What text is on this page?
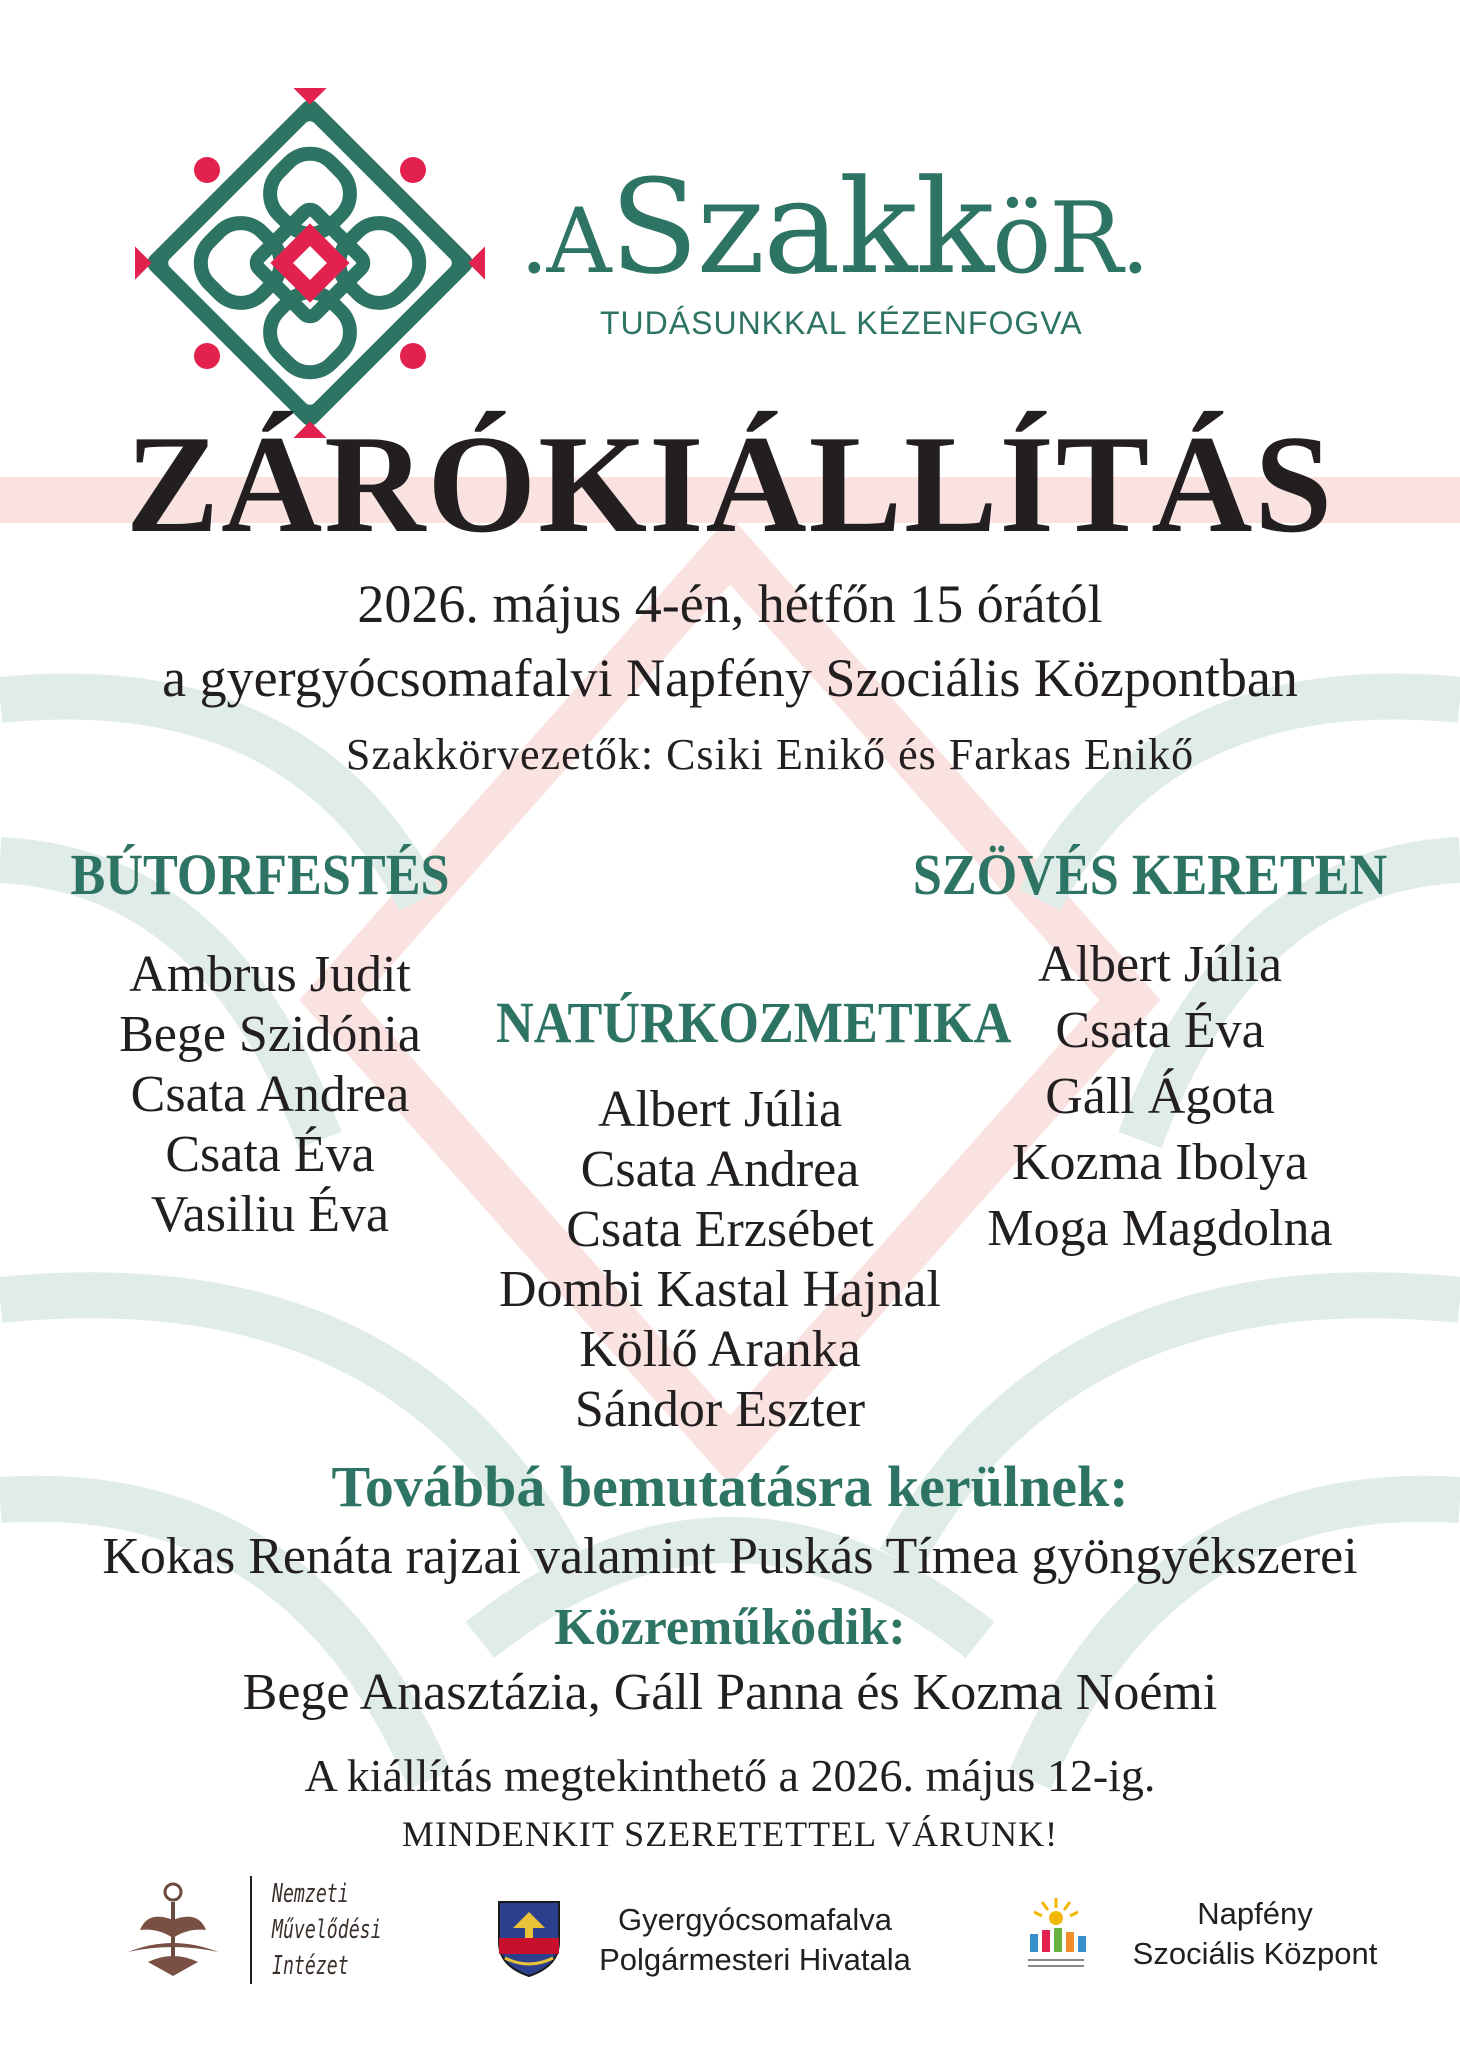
.ASzakköR.
TUDÁSUNKKAL KÉZENFOGVA
ZÁRÓKIÁLLÍTÁS
2026. május 4-én, hétfőn 15 órától
a gyergyócsomafalvi Napfény Szociális Központban
Szakkörvezetők: Csiki Enikő és Farkas Enikő
BÚTORFESTÉS	SZÖVÉS KERETEN
NATÚRKOZMETIKA
Ambrus Judit
Bege Szidónia
Csata Andrea
Csata Éva
Vasiliu Éva
Albert Júlia
Csata Andrea
Csata Erzsébet
Dombi Kastal Hajnal
Köllő Aranka
Sándor Eszter
Albert Júlia
Csata Éva
Gáll Ágota
Kozma Ibolya
Moga Magdolna
Továbbá bemutatásra kerülnek:
Kokas Renáta rajzai valamint Puskás Tímea gyöngyékszerei
Közreműködik:
Bege Anasztázia, Gáll Panna és Kozma Noémi
A kiállítás megtekinthető a 2026. május 12-ig.
MINDENKIT SZERETETTEL VÁRUNK!
Nemzeti
Művelődési
Intézet
Gyergyócsomafalva
Polgármesteri Hivatala
Napfény
Szociális Központ
